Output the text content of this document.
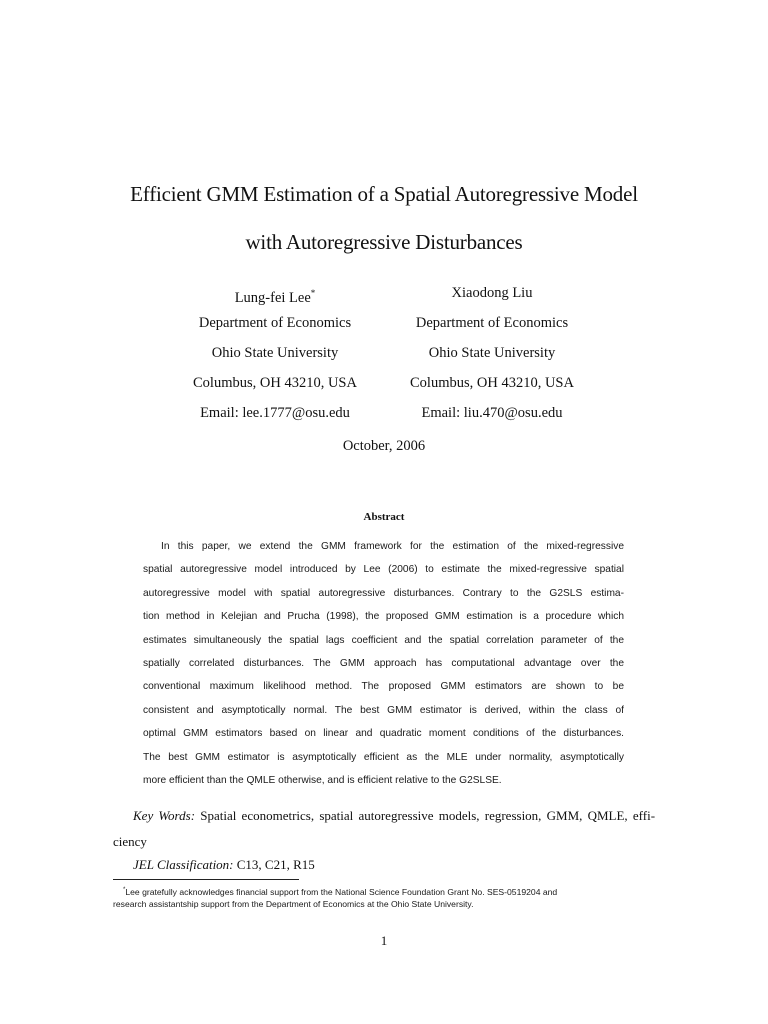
Efficient GMM Estimation of a Spatial Autoregressive Model
with Autoregressive Disturbances
Lung-fei Lee*
Department of Economics
Ohio State University
Columbus, OH 43210, USA
Email: lee.1777@osu.edu
Xiaodong Liu
Department of Economics
Ohio State University
Columbus, OH 43210, USA
Email: liu.470@osu.edu
October, 2006
Abstract
In this paper, we extend the GMM framework for the estimation of the mixed-regressive
spatial autoregressive model introduced by Lee (2006) to estimate the mixed-regressive spatial
autoregressive model with spatial autoregressive disturbances. Contrary to the G2SLS estima-
tion method in Kelejian and Prucha (1998), the proposed GMM estimation is a procedure which
estimates simultaneously the spatial lags coefficient and the spatial correlation parameter of the
spatially correlated disturbances. The GMM approach has computational advantage over the
conventional maximum likelihood method. The proposed GMM estimators are shown to be
consistent and asymptotically normal. The best GMM estimator is derived, within the class of
optimal GMM estimators based on linear and quadratic moment conditions of the disturbances.
The best GMM estimator is asymptotically efficient as the MLE under normality, asymptotically
more efficient than the QMLE otherwise, and is efficient relative to the G2SLSE.
Key Words: Spatial econometrics, spatial autoregressive models, regression, GMM, QMLE, effi-
ciency
JEL Classification: C13, C21, R15
*Lee gratefully acknowledges financial support from the National Science Foundation Grant No. SES-0519204 and
research assistantship support from the Department of Economics at the Ohio State University.
1
